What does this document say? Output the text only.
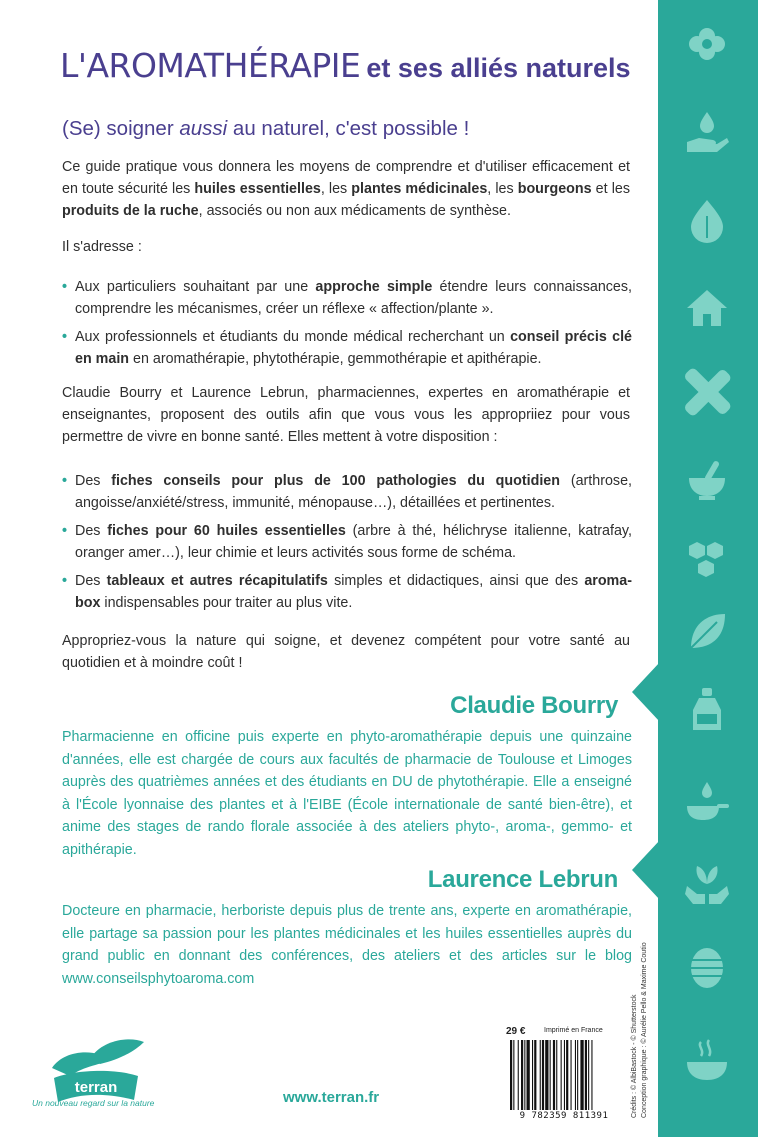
L'AROMATHÉRAPIE et ses alliés naturels
(Se) soigner aussi au naturel, c'est possible !

Ce guide pratique vous donnera les moyens de comprendre et d'utiliser efficacement et en toute sécurité les huiles essentielles, les plantes médicinales, les bourgeons et les produits de la ruche, associés ou non aux médicaments de synthèse.

Il s'adresse :

• Aux particuliers souhaitant par une approche simple étendre leurs connaissances, comprendre les mécanismes, créer un réflexe « affection/plante ».
• Aux professionnels et étudiants du monde médical recherchant un conseil précis clé en main en aromathérapie, phytothérapie, gemmothérapie et apithérapie.

Claudie Bourry et Laurence Lebrun, pharmaciennes, expertes en aromathérapie et enseignantes, proposent des outils afin que vous vous les appropriiez pour vous permettre de vivre en bonne santé. Elles mettent à votre disposition :

• Des fiches conseils pour plus de 100 pathologies du quotidien (arthrose, angoisse/anxiété/stress, immunité, ménopause…), détaillées et pertinentes.
• Des fiches pour 60 huiles essentielles (arbre à thé, hélichryse italienne, katrafay, oranger amer…), leur chimie et leurs activités sous forme de schéma.
• Des tableaux et autres récapitulatifs simples et didactiques, ainsi que des aroma-box indispensables pour traiter au plus vite.

Appropriez-vous la nature qui soigne, et devenez compétent pour votre santé au quotidien et à moindre coût !

Claudie Bourry

Pharmacienne en officine puis experte en phyto-aromathérapie depuis une quinzaine d'années, elle est chargée de cours aux facultés de pharmacie de Toulouse et Limoges auprès des quatrièmes années et des étudiants en DU de phytothérapie. Elle a enseigné à l'École lyonnaise des plantes et à l'EIBE (École internationale de santé bien-être), et anime des stages de rando florale associée à des ateliers phyto-, aroma-, gemmo- et apithérapie.

Laurence Lebrun

Docteure en pharmacie, herboriste depuis plus de trente ans, experte en aromathérapie, elle partage sa passion pour les plantes médicinales et les huiles essentielles auprès du grand public en donnant des conférences, des ateliers et des articles sur le blog www.conseilsphytoaroma.com

terran
Un nouveau regard sur la nature	www.terran.fr
29 €	Imprimé en France
9 782359 811391	Crédits : © AlbiBastock - © Shutterstock Conception graphique : © Aurélie Pello & Maxime Coutio
